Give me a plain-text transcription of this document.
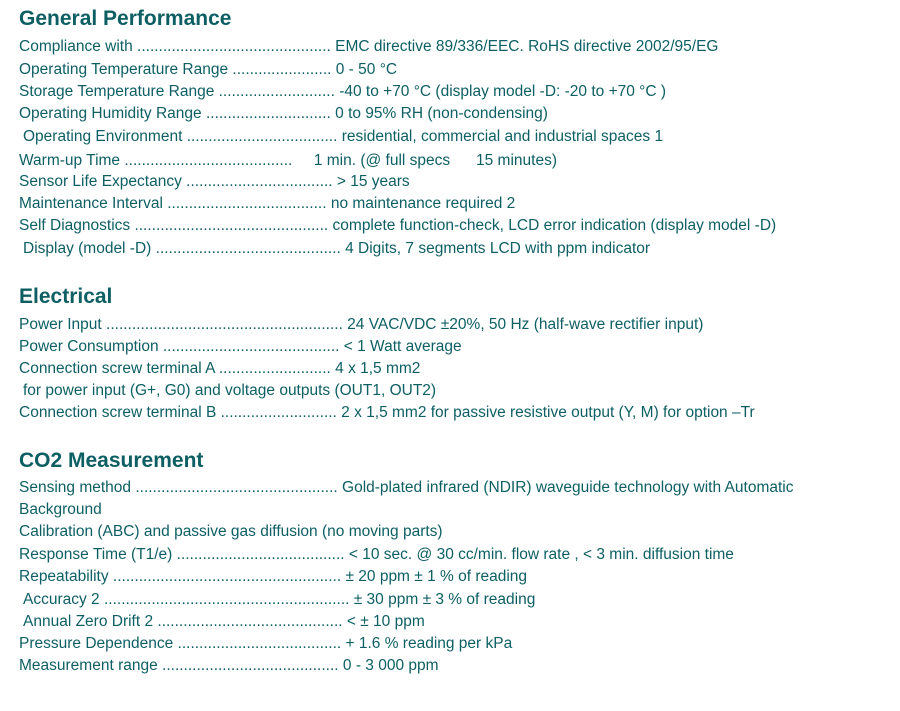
General Performance

Compliance with ............................................. EMC directive 89/336/EEC. RoHS directive 2002/95/EG

Operating Temperature Range ....................... 0 - 50 °C

Storage Temperature Range ........................... -40 to +70 °C (display model -D: -20 to +70 °C )

Operating Humidity Range ............................. 0 to 95% RH (non-condensing)

Operating Environment ................................... residential, commercial and industrial spaces 1

Warm-up Time .......................................     1 min. (@ full specs      15 minutes)

Sensor Life Expectancy .................................. > 15 years

Maintenance Interval ..................................... no maintenance required 2

Self Diagnostics ............................................. complete function-check, LCD error indication (display model -D)

Display (model -D) ........................................... 4 Digits, 7 segments LCD with ppm indicator

Electrical

Power Input ....................................................... 24 VAC/VDC ±20%, 50 Hz (half-wave rectifier input)

Power Consumption ......................................... < 1 Watt average

Connection screw terminal A .......................... 4 x 1,5 mm2

for power input (G+, G0) and voltage outputs (OUT1, OUT2)

Connection screw terminal B ........................... 2 x 1,5 mm2 for passive resistive output (Y, M) for option –Tr

CO2 Measurement

Sensing method ............................................... Gold-plated infrared (NDIR) waveguide technology with Automatic

Background

Calibration (ABC) and passive gas diffusion (no moving parts)

Response Time (T1/e) ....................................... < 10 sec. @ 30 cc/min. flow rate , < 3 min. diffusion time

Repeatability ..................................................... ± 20 ppm ± 1 % of reading

Accuracy 2 ......................................................... ± 30 ppm ± 3 % of reading

Annual Zero Drift 2 ........................................... < ± 10 ppm

Pressure Dependence ...................................... + 1.6 % reading per kPa

Measurement range ......................................... 0 - 3 000 ppm
